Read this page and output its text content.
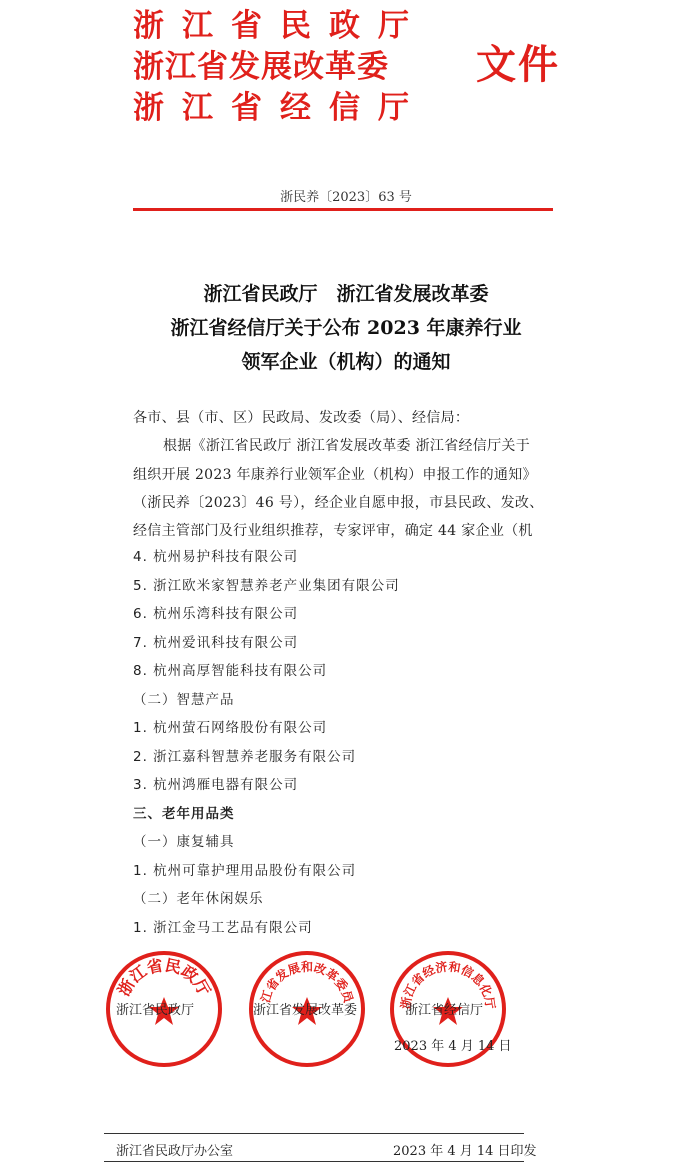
浙江省民政厅
浙江省发展改革委
浙江省经信厅
文件
浙民养〔2023〕63 号
浙江省民政厅　浙江省发展改革委
浙江省经信厅关于公布 2023 年康养行业
领军企业（机构）的通知
各市、县（市、区）民政局、发改委（局）、经信局：
根据《浙江省民政厅 浙江省发展改革委 浙江省经信厅关于
组织开展 2023 年康养行业领军企业（机构）申报工作的通知》
（浙民养〔2023〕46 号），经企业自愿申报，市县民政、发改、
经信主管部门及行业组织推荐，专家评审，确定 44 家企业（机
4. 杭州易护科技有限公司
5. 浙江欧米家智慧养老产业集团有限公司
6. 杭州乐湾科技有限公司
7. 杭州爱讯科技有限公司
8. 杭州高厚智能科技有限公司
（二）智慧产品
1. 杭州萤石网络股份有限公司
2. 浙江嘉科智慧养老服务有限公司
3. 杭州鸿雁电器有限公司
三、老年用品类
（一）康复辅具
1. 杭州可靠护理用品股份有限公司
（二）老年休闲娱乐
1. 浙江金马工艺品有限公司
浙江省民政厅	江省发展和改革委员	浙江省经济和信息化厅
浙江省民政厅	浙江省发展改革委	浙江省经信厅
2023 年 4 月 14 日
浙江省民政厅办公室	2023 年 4 月 14 日印发
